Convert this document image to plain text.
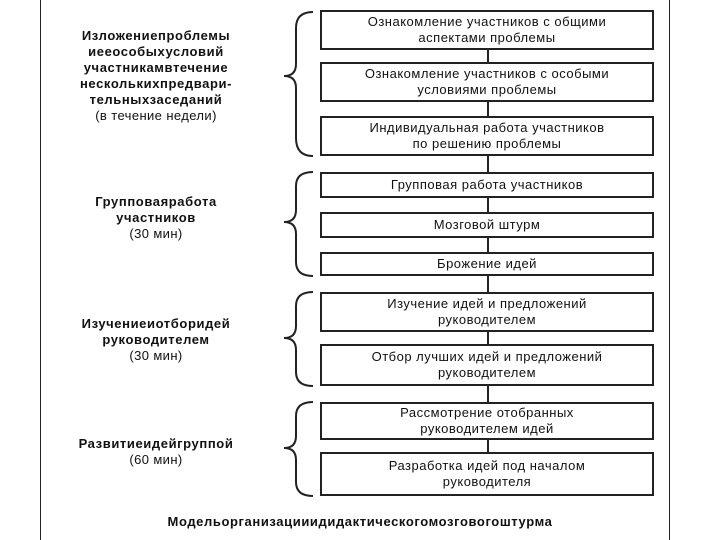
Изложениепроблемы
иееособыхусловий
участникамвтечение
несколькихпредвари-
тельныхзаседаний
(в течение недели)
Групповаяработа
участников
(30 мин)
Изучениеиотборидей
руководителем
(30 мин)
Развитиеидейгруппой
(60 мин)
Ознакомление участников с общими
аспектами проблемы
Ознакомление участников с особыми
условиями проблемы
Индивидуальная работа участников
по решению проблемы
Групповая работа участников
Мозговой штурм
Брожение идей
Изучение идей и предложений
руководителем
Отбор лучших идей и предложений
руководителем
Рассмотрение отобранных
руководителем идей
Разработка идей под началом
руководителя
Модельорганизацииидидактическогомозговогоштурма
